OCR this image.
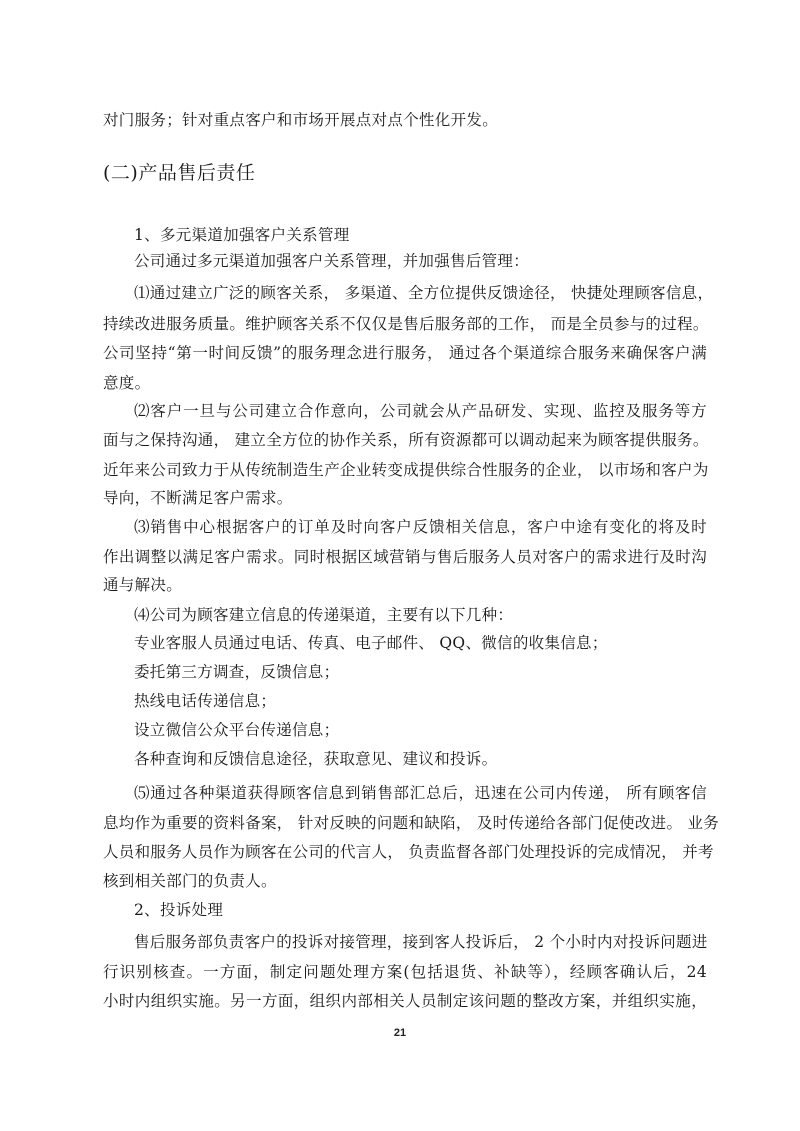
对门服务；针对重点客户和市场开展点对点个性化开发。
(二)产品售后责任
1、多元渠道加强客户关系管理
公司通过多元渠道加强客户关系管理，并加强售后管理：
⑴通过建立广泛的顾客关系， 多渠道、全方位提供反馈途径， 快捷处理顾客信息，
持续改进服务质量。维护顾客关系不仅仅是售后服务部的工作， 而是全员参与的过程。
公司坚持“第一时间反馈”的服务理念进行服务， 通过各个渠道综合服务来确保客户满
意度。
⑵客户一旦与公司建立合作意向，公司就会从产品研发、实现、监控及服务等方
面与之保持沟通， 建立全方位的协作关系，所有资源都可以调动起来为顾客提供服务。
近年来公司致力于从传统制造生产企业转变成提供综合性服务的企业， 以市场和客户为
导向，不断满足客户需求。
⑶销售中心根据客户的订单及时向客户反馈相关信息，客户中途有变化的将及时
作出调整以满足客户需求。同时根据区域营销与售后服务人员对客户的需求进行及时沟
通与解决。
⑷公司为顾客建立信息的传递渠道，主要有以下几种：
专业客服人员通过电话、传真、电子邮件、 QQ、微信的收集信息；
委托第三方调查，反馈信息；
热线电话传递信息；
设立微信公众平台传递信息；
各种查询和反馈信息途径，获取意见、建议和投诉。
⑸通过各种渠道获得顾客信息到销售部汇总后，迅速在公司内传递， 所有顾客信
息均作为重要的资料备案， 针对反映的问题和缺陷， 及时传递给各部门促使改进。 业务
人员和服务人员作为顾客在公司的代言人， 负责监督各部门处理投诉的完成情况， 并考
核到相关部门的负责人。
2、投诉处理
售后服务部负责客户的投诉对接管理，接到客人投诉后， 2 个小时内对投诉问题进
行识别核查。一方面，制定问题处理方案(包括退货、补缺等），经顾客确认后，24
小时内组织实施。另一方面，组织内部相关人员制定该问题的整改方案，并组织实施，
21
